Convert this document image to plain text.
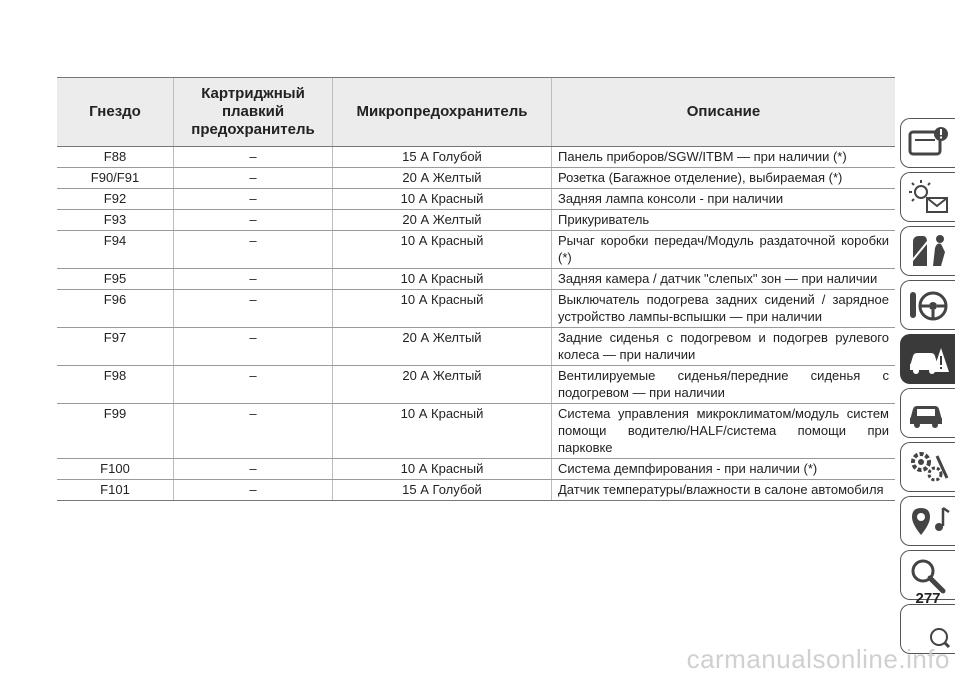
Гнездо	Картриджный плавкий предохранитель	Микропредохранитель	Описание
F88	–	15 А Голубой	Панель приборов/SGW/ITBM — при наличии (*)
F90/F91	–	20 А Желтый	Розетка (Багажное отделение), выбираемая (*)
F92	–	10 А Красный	Задняя лампа консоли - при наличии
F93	–	20 А Желтый	Прикуриватель
F94	–	10 А Красный	Рычаг коробки передач/Модуль раздаточной коробки (*)
F95	–	10 А Красный	Задняя камера / датчик "слепых" зон — при наличии
F96	–	10 А Красный	Выключатель подогрева задних сидений / зарядное устройство лампы-вспышки — при наличии
F97	–	20 А Желтый	Задние сиденья с подогревом и подогрев рулевого колеса — при наличии
F98	–	20 А Желтый	Вентилируемые сиденья/передние сиденья с подогревом — при наличии
F99	–	10 А Красный	Система управления микроклиматом/модуль систем помощи водителю/HALF/система помощи при парковке
F100	–	10 А Красный	Система демпфирования - при наличии (*)
F101	–	15 А Голубой	Датчик температуры/влажности в салоне автомобиля
277
carmanualsonline.info
